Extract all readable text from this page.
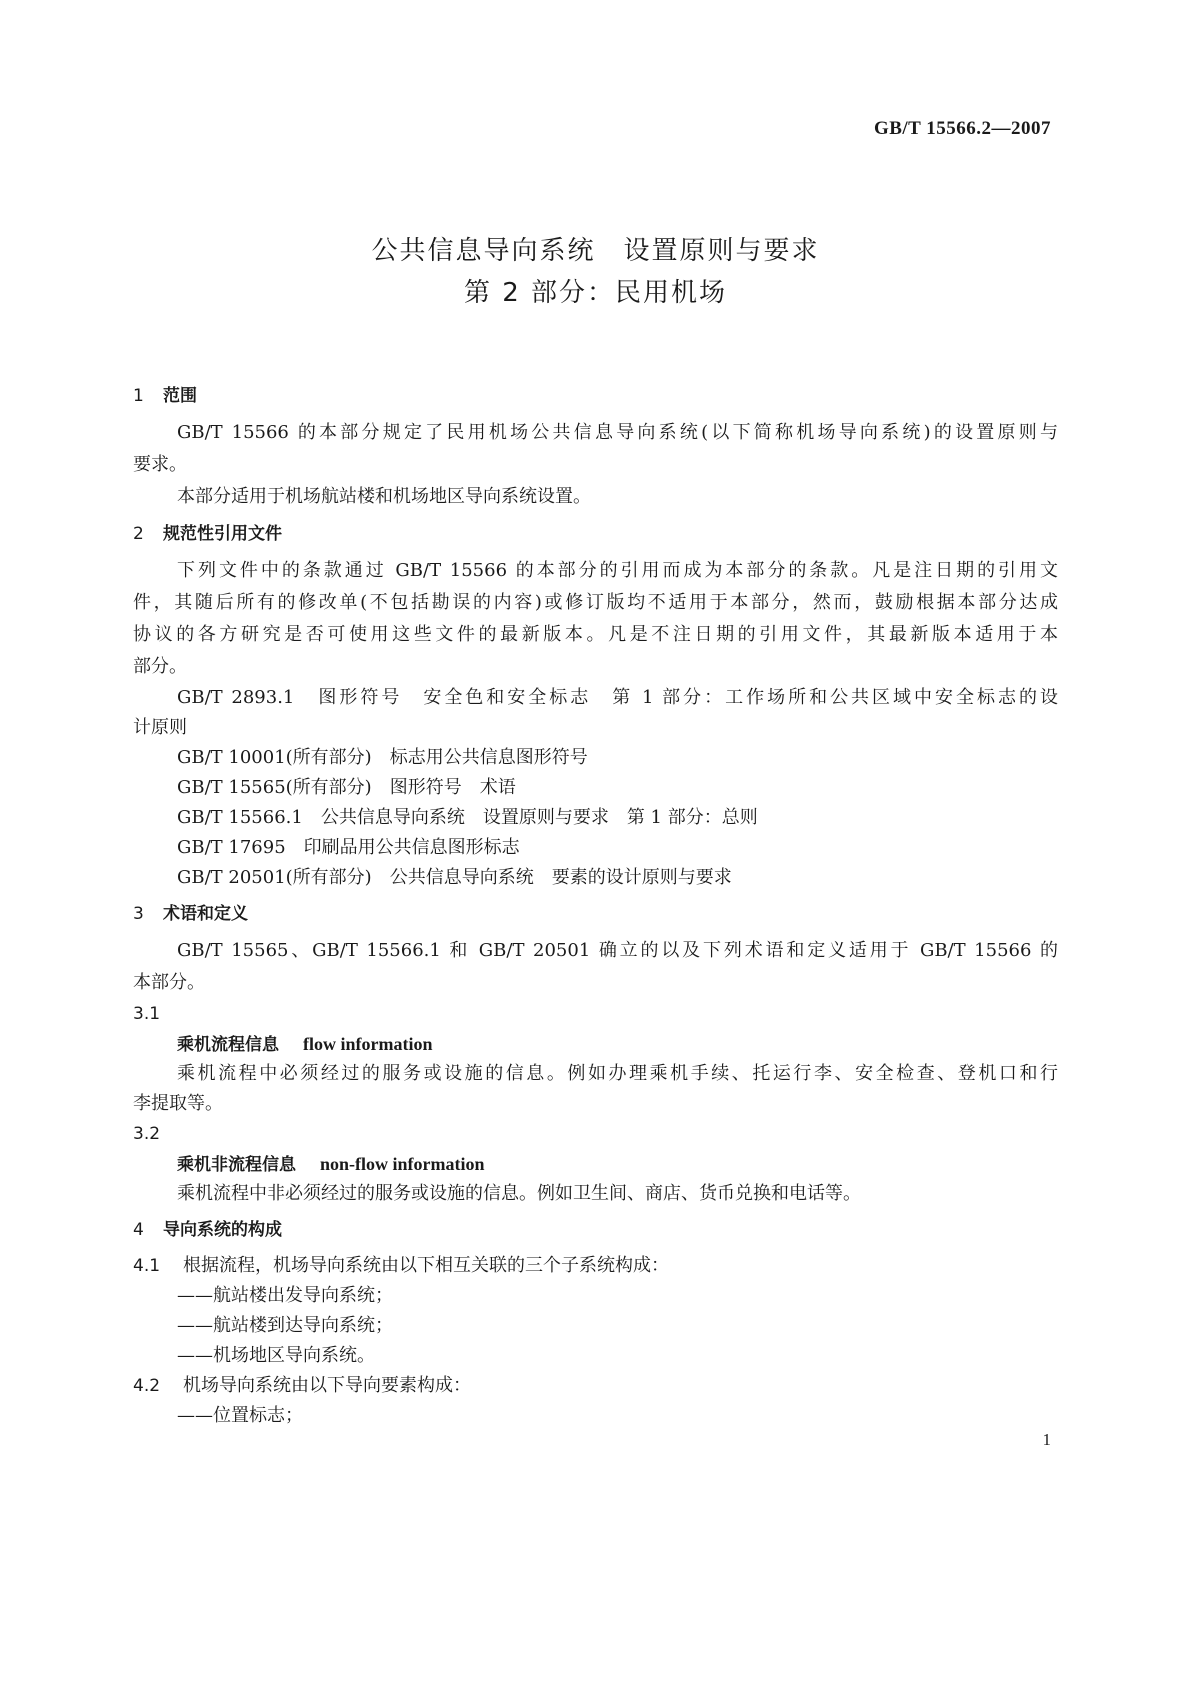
GB/T 15566.2—2007
公共信息导向系统　设置原则与要求
第 2 部分：民用机场
1 范围
GB/T 15566 的本部分规定了民用机场公共信息导向系统(以下简称机场导向系统)的设置原则与
要求。
本部分适用于机场航站楼和机场地区导向系统设置。
2 规范性引用文件
下列文件中的条款通过 GB/T 15566 的本部分的引用而成为本部分的条款。凡是注日期的引用文
件，其随后所有的修改单(不包括勘误的内容)或修订版均不适用于本部分，然而，鼓励根据本部分达成
协议的各方研究是否可使用这些文件的最新版本。凡是不注日期的引用文件，其最新版本适用于本
部分。
GB/T 2893.1　图形符号　安全色和安全标志　第 1 部分：工作场所和公共区域中安全标志的设
计原则
GB/T 10001(所有部分)　标志用公共信息图形符号
GB/T 15565(所有部分)　图形符号　术语
GB/T 15566.1　公共信息导向系统　设置原则与要求　第 1 部分：总则
GB/T 17695　印刷品用公共信息图形标志
GB/T 20501(所有部分)　公共信息导向系统　要素的设计原则与要求
3 术语和定义
GB/T 15565、GB/T 15566.1 和 GB/T 20501 确立的以及下列术语和定义适用于 GB/T 15566 的
本部分。
3.1
乘机流程信息 flow information
乘机流程中必须经过的服务或设施的信息。例如办理乘机手续、托运行李、安全检查、登机口和行
李提取等。
3.2
乘机非流程信息 non-flow information
乘机流程中非必须经过的服务或设施的信息。例如卫生间、商店、货币兑换和电话等。
4 导向系统的构成
4.1 根据流程，机场导向系统由以下相互关联的三个子系统构成：
——航站楼出发导向系统；
——航站楼到达导向系统；
——机场地区导向系统。
4.2 机场导向系统由以下导向要素构成：
——位置标志；
1
